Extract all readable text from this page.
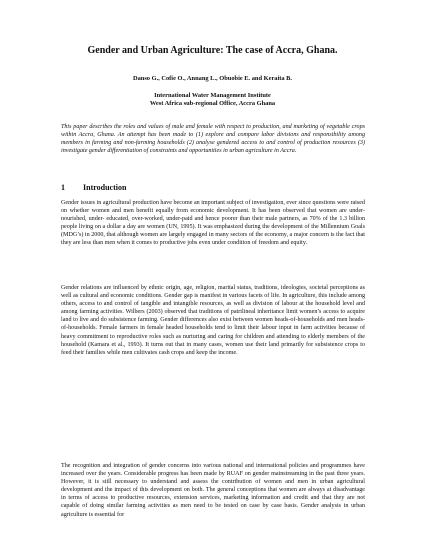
Gender and Urban Agriculture: The case of Accra, Ghana.
Danso G., Cofie O., Annang L., Obuobie E. and Keraita B.
International Water Management Institute
West Africa sub-regional Office, Accra Ghana
This paper describes the roles and values of male and female with respect to production, and marketing of vegetable crops within Accra, Ghana. An attempt has been made to (1) explore and compare labor divisions and responsibility among members in farming and non-farming households (2) analyse gendered access to and control of production resources (3) investigate gender differentiation of constraints and opportunities in urban agriculture in Accra.
1 Introduction
Gender issues in agricultural production have become an important subject of investigation, ever since questions were raised on whether women and men benefit equally from economic development. It has been observed that women are under-nourished, under- educated, over-worked, under-paid and hence poorer than their male partners, as 70% of the 1.3 billion people living on a dollar a day are women (UN, 1995). It was emphasized during the development of the Millennium Goals (MDG’s) in 2000, that although women are largely engaged in many sectors of the economy, a major concern is the fact that they are less than men when it comes to productive jobs even under condition of freedom and equity.
Gender relations are influenced by ethnic origin, age, religion, marital status, traditions, ideologies, societal perceptions as well as cultural and economic conditions. Gender gap is manifest in various facets of life. In agriculture, this include among others, access to and control of tangible and intangible resources, as well as division of labour at the household level and among farming activities. Wilbers (2003) observed that traditions of patrilineal inheritance limit women’s access to acquire land to live and do subsistence farming. Gender differences also exist between women heads-of-households and men heads-of-households. Female farmers in female headed households tend to limit their labour input in farm activities because of heavy commitment to reproductive roles such as nurturing and caring for children and attending to elderly members of the household (Kamara et al., 1993). It turns out that in many cases, women use their land primarily for subsistence crops to feed their families while men cultivates cash crops and keep the income.
The recognition and integration of gender concerns into various national and international policies and programmes have increased over the years. Considerable progress has been made by RUAF on gender mainstreaming in the past three years. However, it is still necessary to understand and assess the contribution of women and men in urban agricultural development and the impact of this development on both. The general conceptions that women are always at disadvantage in terms of access to productive resources, extension services, marketing information and credit and that they are not capable of doing similar farming activities as men need to be tested on case by case basis. Gender analysis in urban agriculture is essential for
